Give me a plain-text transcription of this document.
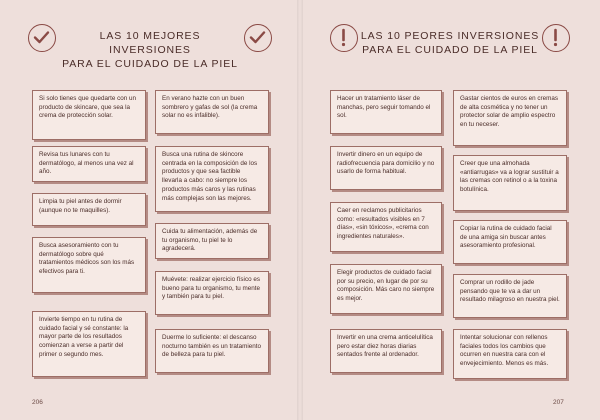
LAS 10 MEJORES INVERSIONES
PARA EL CUIDADO DE LA PIEL
Si solo tienes que quedarte con un producto de skincare, que sea la crema de protección solar.
En verano hazte con un buen sombrero y gafas de sol (la crema solar no es infalible).
Revisa tus lunares con tu dermatólogo, al menos una vez al año.
Busca una rutina de skincore centrada en la composición de los productos y que sea factible llevarla a cabo: no siempre los productos más caros y las rutinas más complejas son las mejores.
Limpia tu piel antes de dormir (aunque no te maquilles).
Cuida tu alimentación, además de tu organismo, tu piel te lo agradecerá.
Busca asesoramiento con tu dermatólogo sobre qué tratamientos médicos son los más efectivos para ti.
Muévete: realizar ejercicio físico es bueno para tu organismo, tu mente y también para tu piel.
Invierte tiempo en tu rutina de cuidado facial y sé constante: la mayor parte de los resultados comienzan a verse a partir del primer o segundo mes.
Duerme lo suficiente: el descanso nocturno también es un tratamiento de belleza para tu piel.
206
LAS 10 PEORES INVERSIONES
PARA EL CUIDADO DE LA PIEL
Hacer un tratamiento láser de manchas, pero seguir tomando el sol.
Gastar cientos de euros en cremas de alta cosmética y no tener un protector solar de amplio espectro en tu neceser.
Invertir dinero en un equipo de radiofrecuencia para domicilio y no usarlo de forma habitual.
Creer que una almohada «antiarrugas» va a lograr sustituir a las cremas con retinol o a la toxina botulínica.
Caer en reclamos publicitarios como: «resultados visibles en 7 días», «sin tóxicos», «crema con ingredientes naturales».
Copiar la rutina de cuidado facial de una amiga sin buscar antes asesoramiento profesional.
Elegir productos de cuidado facial por su precio, en lugar de por su composición. Más caro no siempre es mejor.
Comprar un rodillo de jade pensando que te va a dar un resultado milagroso en nuestra piel.
Invertir en una crema anticelulítica pero estar diez horas diarias sentados frente al ordenador.
Intentar solucionar con rellenos faciales todos los cambios que ocurren en nuestra cara con el envejecimiento. Menos es más.
207
